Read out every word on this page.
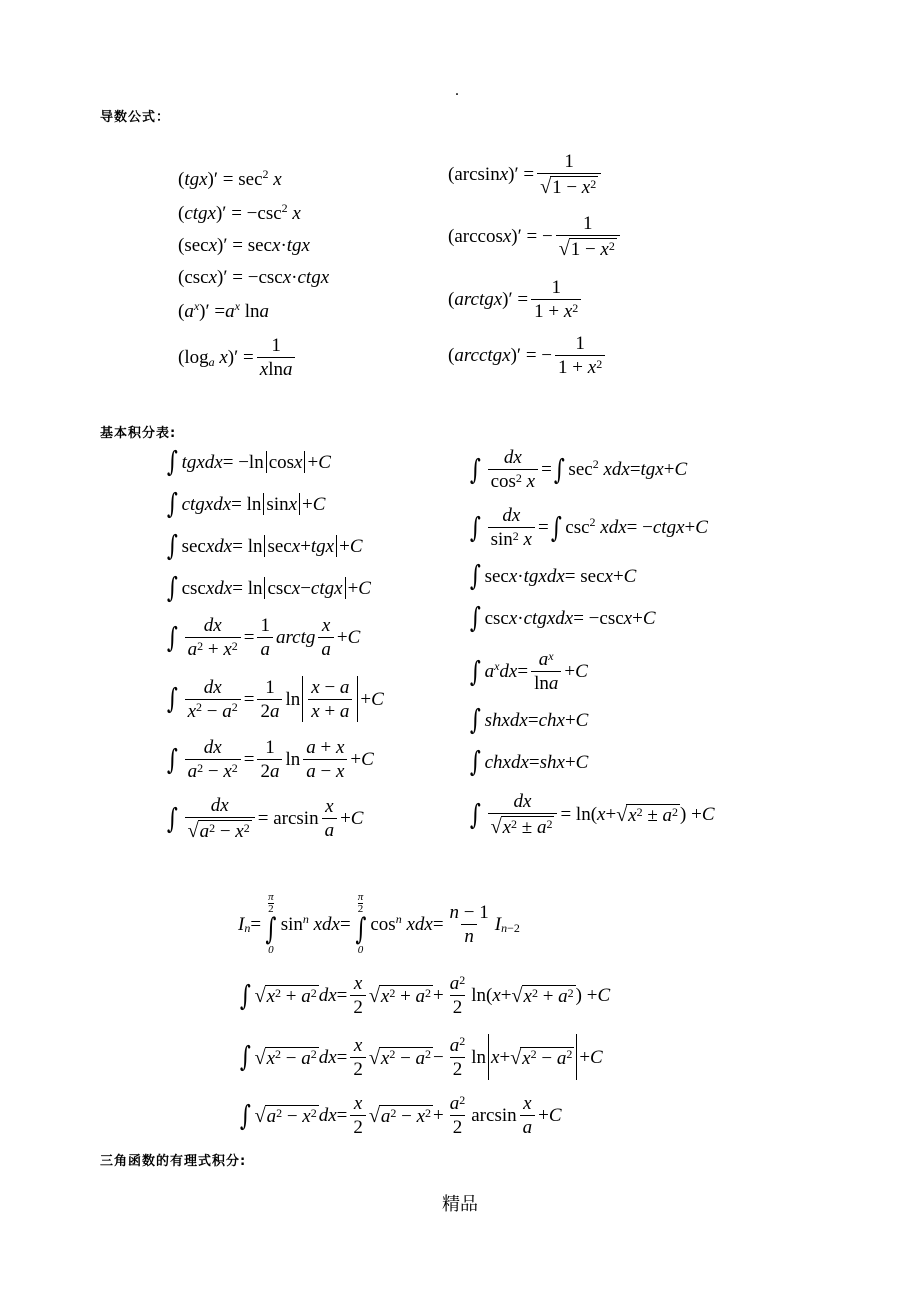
.
导数公式：
( tgx )′ = $\sec^2$
x
( ctgx )′ = $-\csc^2$
x
(sec x )′ = sec x · tgx
(csc x )′ = −csc x · ctgx
( a $^x$ )′ = a $^x$ ln a
(log $_a$
x )′ = $\frac{1}{xlna}$
(arcsin x )′ = $\frac{1}{√ 1 - x^2}$
(arccos x )′ = − $\frac{1}{√ 1 - x^2}$
( arctgx )′ = $\frac{1}{1 + x^2}$
( arcctgx )′ = − $\frac{1}{1 + x^2}$
基本积分表:
∫ tgxdx = −ln cos x + C
∫ ctgxdx = ln sin x + C
∫ sec xdx = ln sec x + tgx + C
∫ csc xdx = ln csc x − ctgx + C
∫ $\frac{dx}{a^2 + x^2} = \frac{1}{a}$ arctg $\frac{x}{a} + C$
∫ $\frac{dx}{x^2 - a^2} = \frac{1}{2a}$ $\ln \frac{x - a}{x + a} + C$
∫ $\frac{dx}{a^2 - x^2} = \frac{1}{2a}$ $\ln \frac{a + x}{a - x} + C$
∫ $\frac{dx}{√ a^2 - x^2} = \arcsin \frac{x}{a} + C$
∫ $\frac{dx}{\cos^2 x}$ = ∫ $\sec^2$
xdx = tgx + C
∫ $\frac{dx}{\sin^2 x}$ = ∫ $\csc^2$
xdx = − ctgx + C
∫ sec x · tgxdx = sec x + C
∫ csc x · ctgxdx = −csc x + C
∫ a $^x$ dx = $\frac{a^x}{\ln a} + C$
∫ shxdx = chx + C
∫ chxdx = shx + C
∫ $\frac{dx}{√ x^2 \pm a^2} = \ln$( x + √ $x^2 \pm a^2$ ) + C
I $_n$ =
$\frac{\pi}{2}$
∫
0
sin $^n$
xdx =
$\frac{\pi}{2}$
∫
0
cos $^n$
xdx = $\frac{n - 1}{n}$ I $_{n-2}$
∫ √ $x^2 + a^2$ dx = $\frac{x}{2}$ √ $x^2 + a^2 + \frac{a^2}{2} \ln$( x + √ $x^2 + a^2$ ) + C
∫ √ $x^2 - a^2$ dx = $\frac{x}{2}$ √ $x^2 - a^2 - \frac{a^2}{2}$ ln x + √ $x^2 - a^2 + C$
∫ √ $a^2 - x^2$ dx = $\frac{x}{2}$ √ $a^2 - x^2 + \frac{a^2}{2}$ $\arcsin \frac{x}{a} + C$
三角函数的有理式积分:
精品
